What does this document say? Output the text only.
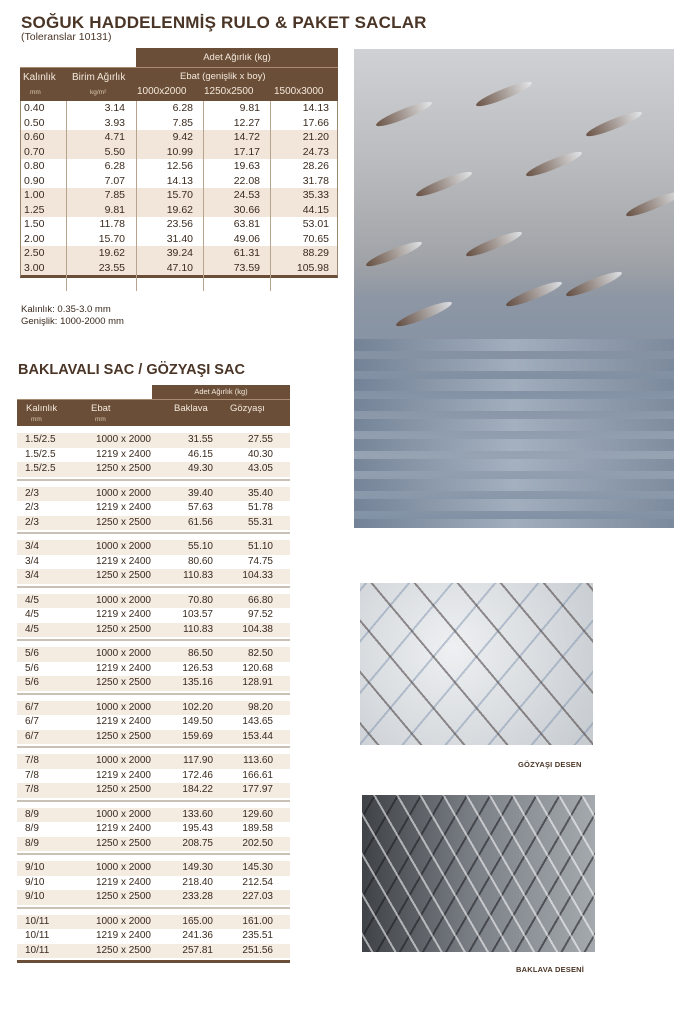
SOĞUK HADDELENMİŞ RULO & PAKET SACLAR
(Toleranslar 10131)
Adet Ağırlık (kg)
Kalınlık
mm
Birim Ağırlık
kg/m²
Ebat (genişlik x boy)
1000x2000 1250x2500 1500x3000
0.40	3.14	6.28	9.81	14.13
0.50	3.93	7.85	12.27	17.66
0.60	4.71	9.42	14.72	21.20
0.70	5.50	10.99	17.17	24.73
0.80	6.28	12.56	19.63	28.26
0.90	7.07	14.13	22.08	31.78
1.00	7.85	15.70	24.53	35.33
1.25	9.81	19.62	30.66	44.15
1.50	11.78	23.56	63.81	53.01
2.00	15.70	31.40	49.06	70.65
2.50	19.62	39.24	61.31	88.29
3.00	23.55	47.10	73.59	105.98
Kalınlık: 0.35-3.0 mm
Genişlik: 1000-2000 mm
BAKLAVALI SAC / GÖZYAŞI SAC
Adet Ağırlık (kg)
Kalınlık
mm
Ebat
mm
Baklava Gözyaşı
1.5/2.5	1000 x 2000	31.55	27.55
1.5/2.5	1219 x 2400	46.15	40.30
1.5/2.5	1250 x 2500	49.30	43.05
2/3	1000 x 2000	39.40	35.40
2/3	1219 x 2400	57.63	51.78
2/3	1250 x 2500	61.56	55.31
3/4	1000 x 2000	55.10	51.10
3/4	1219 x 2400	80.60	74.75
3/4	1250 x 2500	110.83	104.33
4/5	1000 x 2000	70.80	66.80
4/5	1219 x 2400	103.57	97.52
4/5	1250 x 2500	110.83	104.38
5/6	1000 x 2000	86.50	82.50
5/6	1219 x 2400	126.53	120.68
5/6	1250 x 2500	135.16	128.91
6/7	1000 x 2000	102.20	98.20
6/7	1219 x 2400	149.50	143.65
6/7	1250 x 2500	159.69	153.44
7/8	1000 x 2000	117.90	113.60
7/8	1219 x 2400	172.46	166.61
7/8	1250 x 2500	184.22	177.97
8/9	1000 x 2000	133.60	129.60
8/9	1219 x 2400	195.43	189.58
8/9	1250 x 2500	208.75	202.50
9/10	1000 x 2000	149.30	145.30
9/10	1219 x 2400	218.40	212.54
9/10	1250 x 2500	233.28	227.03
10/11	1000 x 2000	165.00	161.00
10/11	1219 x 2400	241.36	235.51
10/11	1250 x 2500	257.81	251.56
GÖZYAŞI DESEN
BAKLAVA DESENİ
